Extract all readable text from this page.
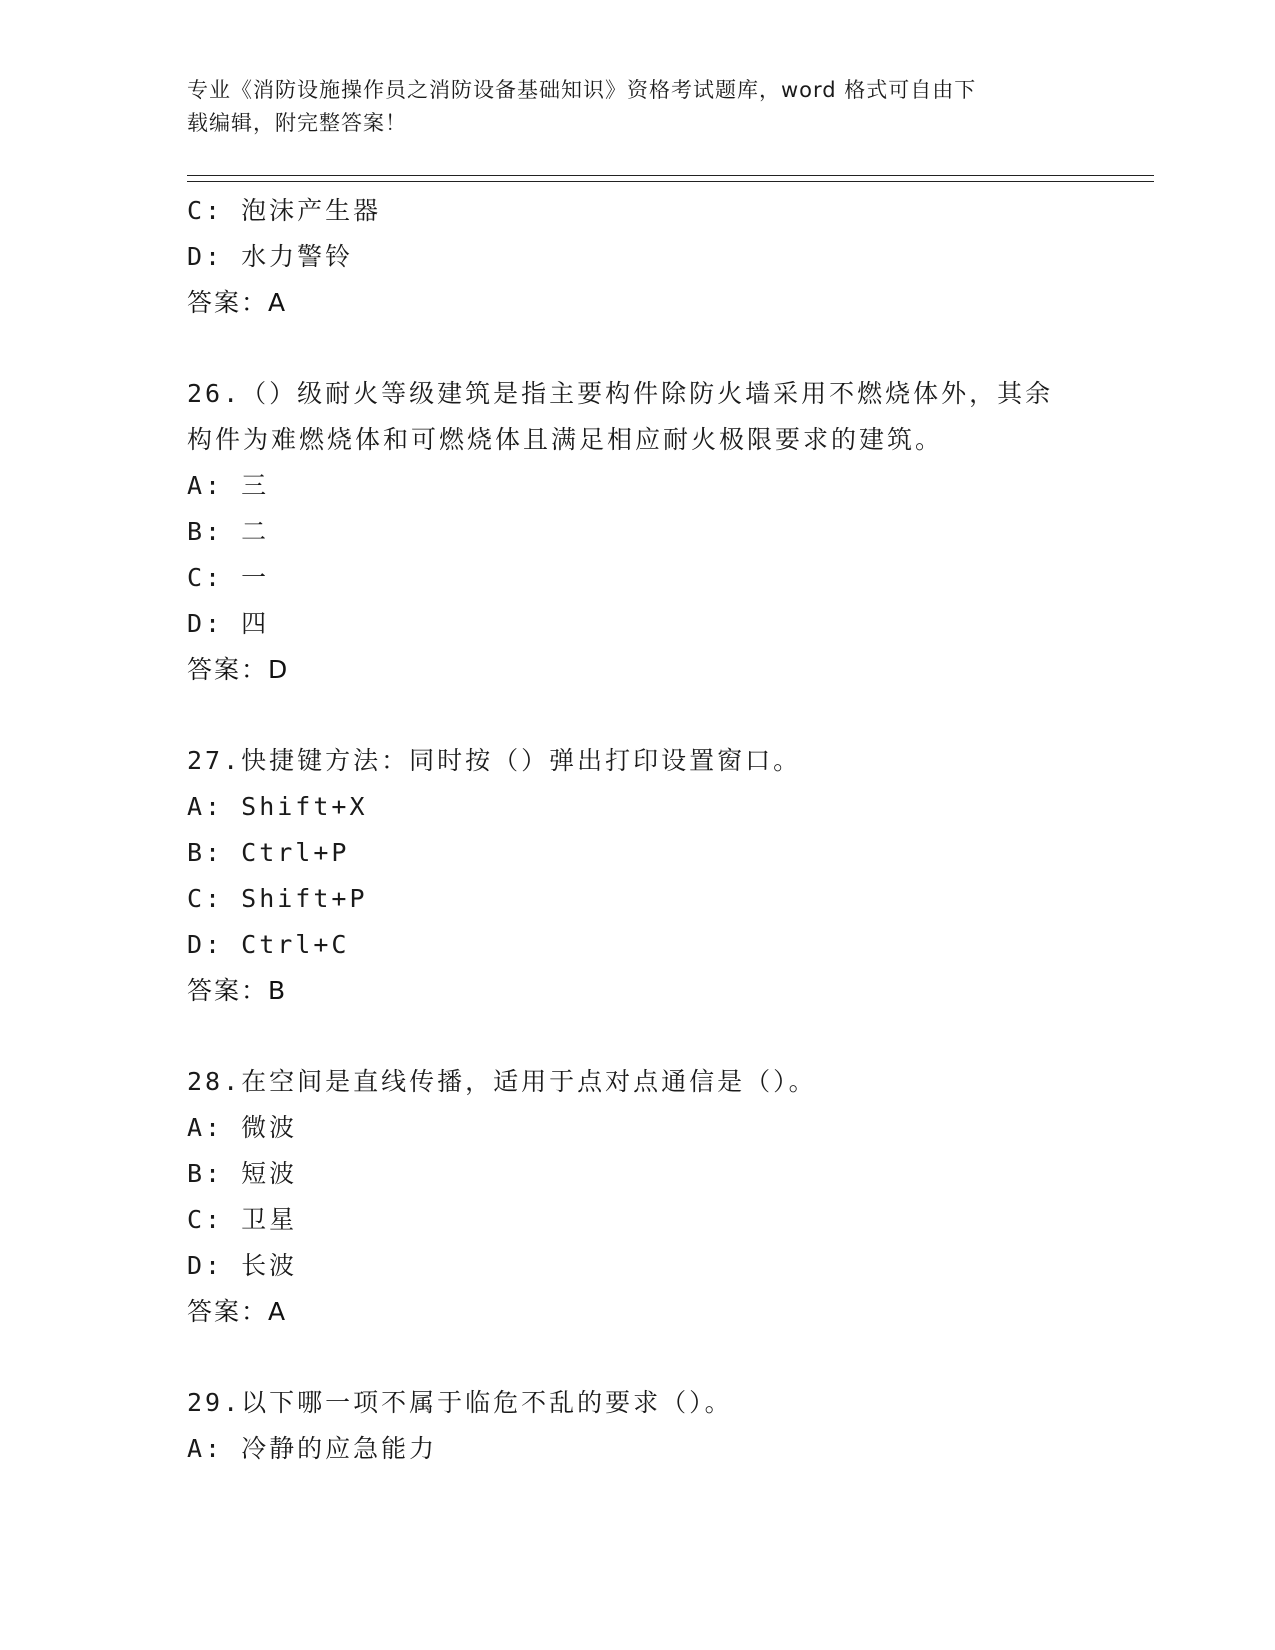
专业《消防设施操作员之消防设备基础知识》资格考试题库，word 格式可自由下
载编辑，附完整答案！
C: 泡沫产生器
D: 水力警铃
答案：A
26.（）级耐火等级建筑是指主要构件除防火墙采用不燃烧体外，其余
构件为难燃烧体和可燃烧体且满足相应耐火极限要求的建筑。
A: 三
B: 二
C: 一
D: 四
答案：D
27.快捷键方法：同时按（）弹出打印设置窗口。
A: Shift+X
B: Ctrl+P
C: Shift+P
D: Ctrl+C
答案：B
28.在空间是直线传播，适用于点对点通信是（）。
A: 微波
B: 短波
C: 卫星
D: 长波
答案：A
29.以下哪一项不属于临危不乱的要求（）。
A: 冷静的应急能力
